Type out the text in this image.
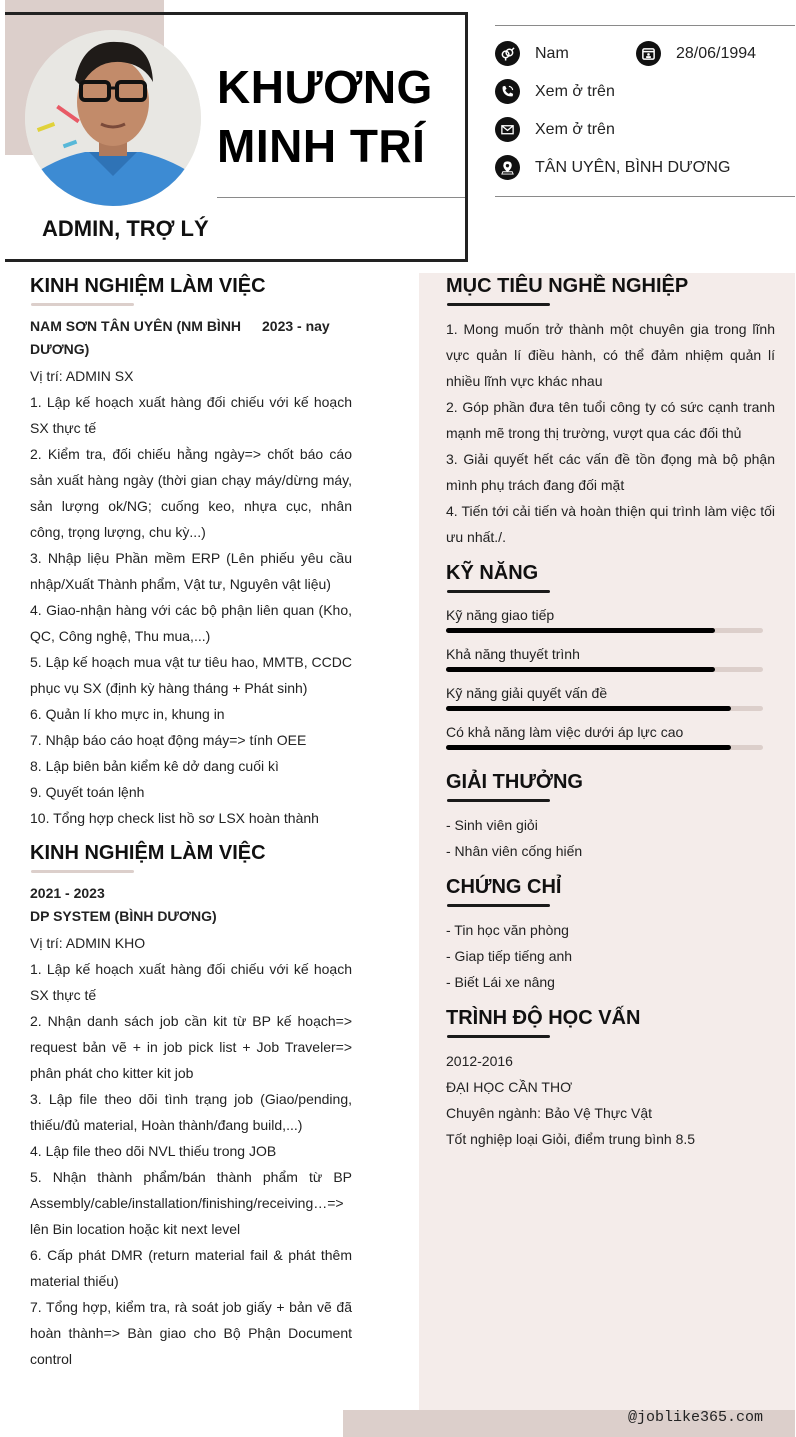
KHƯƠNG
MINH TRÍ
ADMIN, TRỢ LÝ
Nam	28/06/1994
Xem ở trên
Xem ở trên
TÂN UYÊN, BÌNH DƯƠNG
@joblike365.com
KINH NGHIỆM LÀM VIỆC
NAM SƠN TÂN UYÊN (NM BÌNH DƯƠNG)
2023 - nay
Vị trí: ADMIN SX
1. Lập kế hoạch xuất hàng đối chiếu với kế hoạch SX thực tế
2. Kiểm tra, đối chiếu hằng ngày=> chốt báo cáo sản xuất hàng ngày (thời gian chạy máy/dừng máy, sản lượng ok/NG; cuống keo, nhựa cục, nhân công, trọng lượng, chu kỳ...)
3. Nhập liệu Phần mềm ERP (Lên phiếu yêu cầu nhập/Xuất Thành phẩm, Vật tư, Nguyên vật liệu)
4. Giao-nhận hàng với các bộ phận liên quan (Kho, QC, Công nghệ, Thu mua,...)
5. Lập kế hoạch mua vật tư tiêu hao, MMTB, CCDC phục vụ SX (định kỳ hàng tháng + Phát sinh)
6. Quản lí kho mực in, khung in
7. Nhập báo cáo hoạt động máy=> tính OEE
8. Lập biên bản kiểm kê dở dang cuối kì
9. Quyết toán lệnh
10. Tổng hợp check list hồ sơ LSX hoàn thành
KINH NGHIỆM LÀM VIỆC
2021 - 2023
DP SYSTEM (BÌNH DƯƠNG)
Vị trí: ADMIN KHO
1. Lập kế hoạch xuất hàng đối chiếu với kế hoạch SX thực tế
2. Nhận danh sách job cần kit từ BP kế hoạch=> request bản vẽ + in job pick list + Job Traveler=> phân phát cho kitter kit job
3. Lập file theo dõi tình trạng job (Giao/pending, thiếu/đủ material, Hoàn thành/đang build,...)
4. Lập file theo dõi NVL thiếu trong JOB
5. Nhận thành phẩm/bán thành phẩm từ BP Assembly/cable/installation/finishing/receiving…=> lên Bin location hoặc kit next level
6. Cấp phát DMR (return material fail & phát thêm material thiếu)
7. Tổng hợp, kiểm tra, rà soát job giấy + bản vẽ đã hoàn thành=> Bàn giao cho Bộ Phận Document control
MỤC TIÊU NGHỀ NGHIỆP
1. Mong muốn trở thành một chuyên gia trong lĩnh vực quản lí điều hành, có thể đảm nhiệm quản lí nhiều lĩnh vực khác nhau
2. Góp phần đưa tên tuổi công ty có sức cạnh tranh mạnh mẽ trong thị trường, vượt qua các đối thủ
3. Giải quyết hết các vấn đề tồn đọng mà bộ phận mình phụ trách đang đối mặt
4. Tiến tới cải tiến và hoàn thiện qui trình làm việc tối ưu nhất./.
KỸ NĂNG
Kỹ năng giao tiếp
Khả năng thuyết trình
Kỹ năng giải quyết vấn đề
Có khả năng làm việc dưới áp lực cao
GIẢI THƯỞNG
- Sinh viên giỏi
- Nhân viên cống hiến
CHỨNG CHỈ
- Tin học văn phòng
- Giap tiếp tiếng anh
- Biết Lái xe nâng
TRÌNH ĐỘ HỌC VẤN
2012-2016
ĐẠI HỌC CẦN THƠ
Chuyên ngành: Bảo Vệ Thực Vật
Tốt nghiệp loại Giỏi, điểm trung bình 8.5
